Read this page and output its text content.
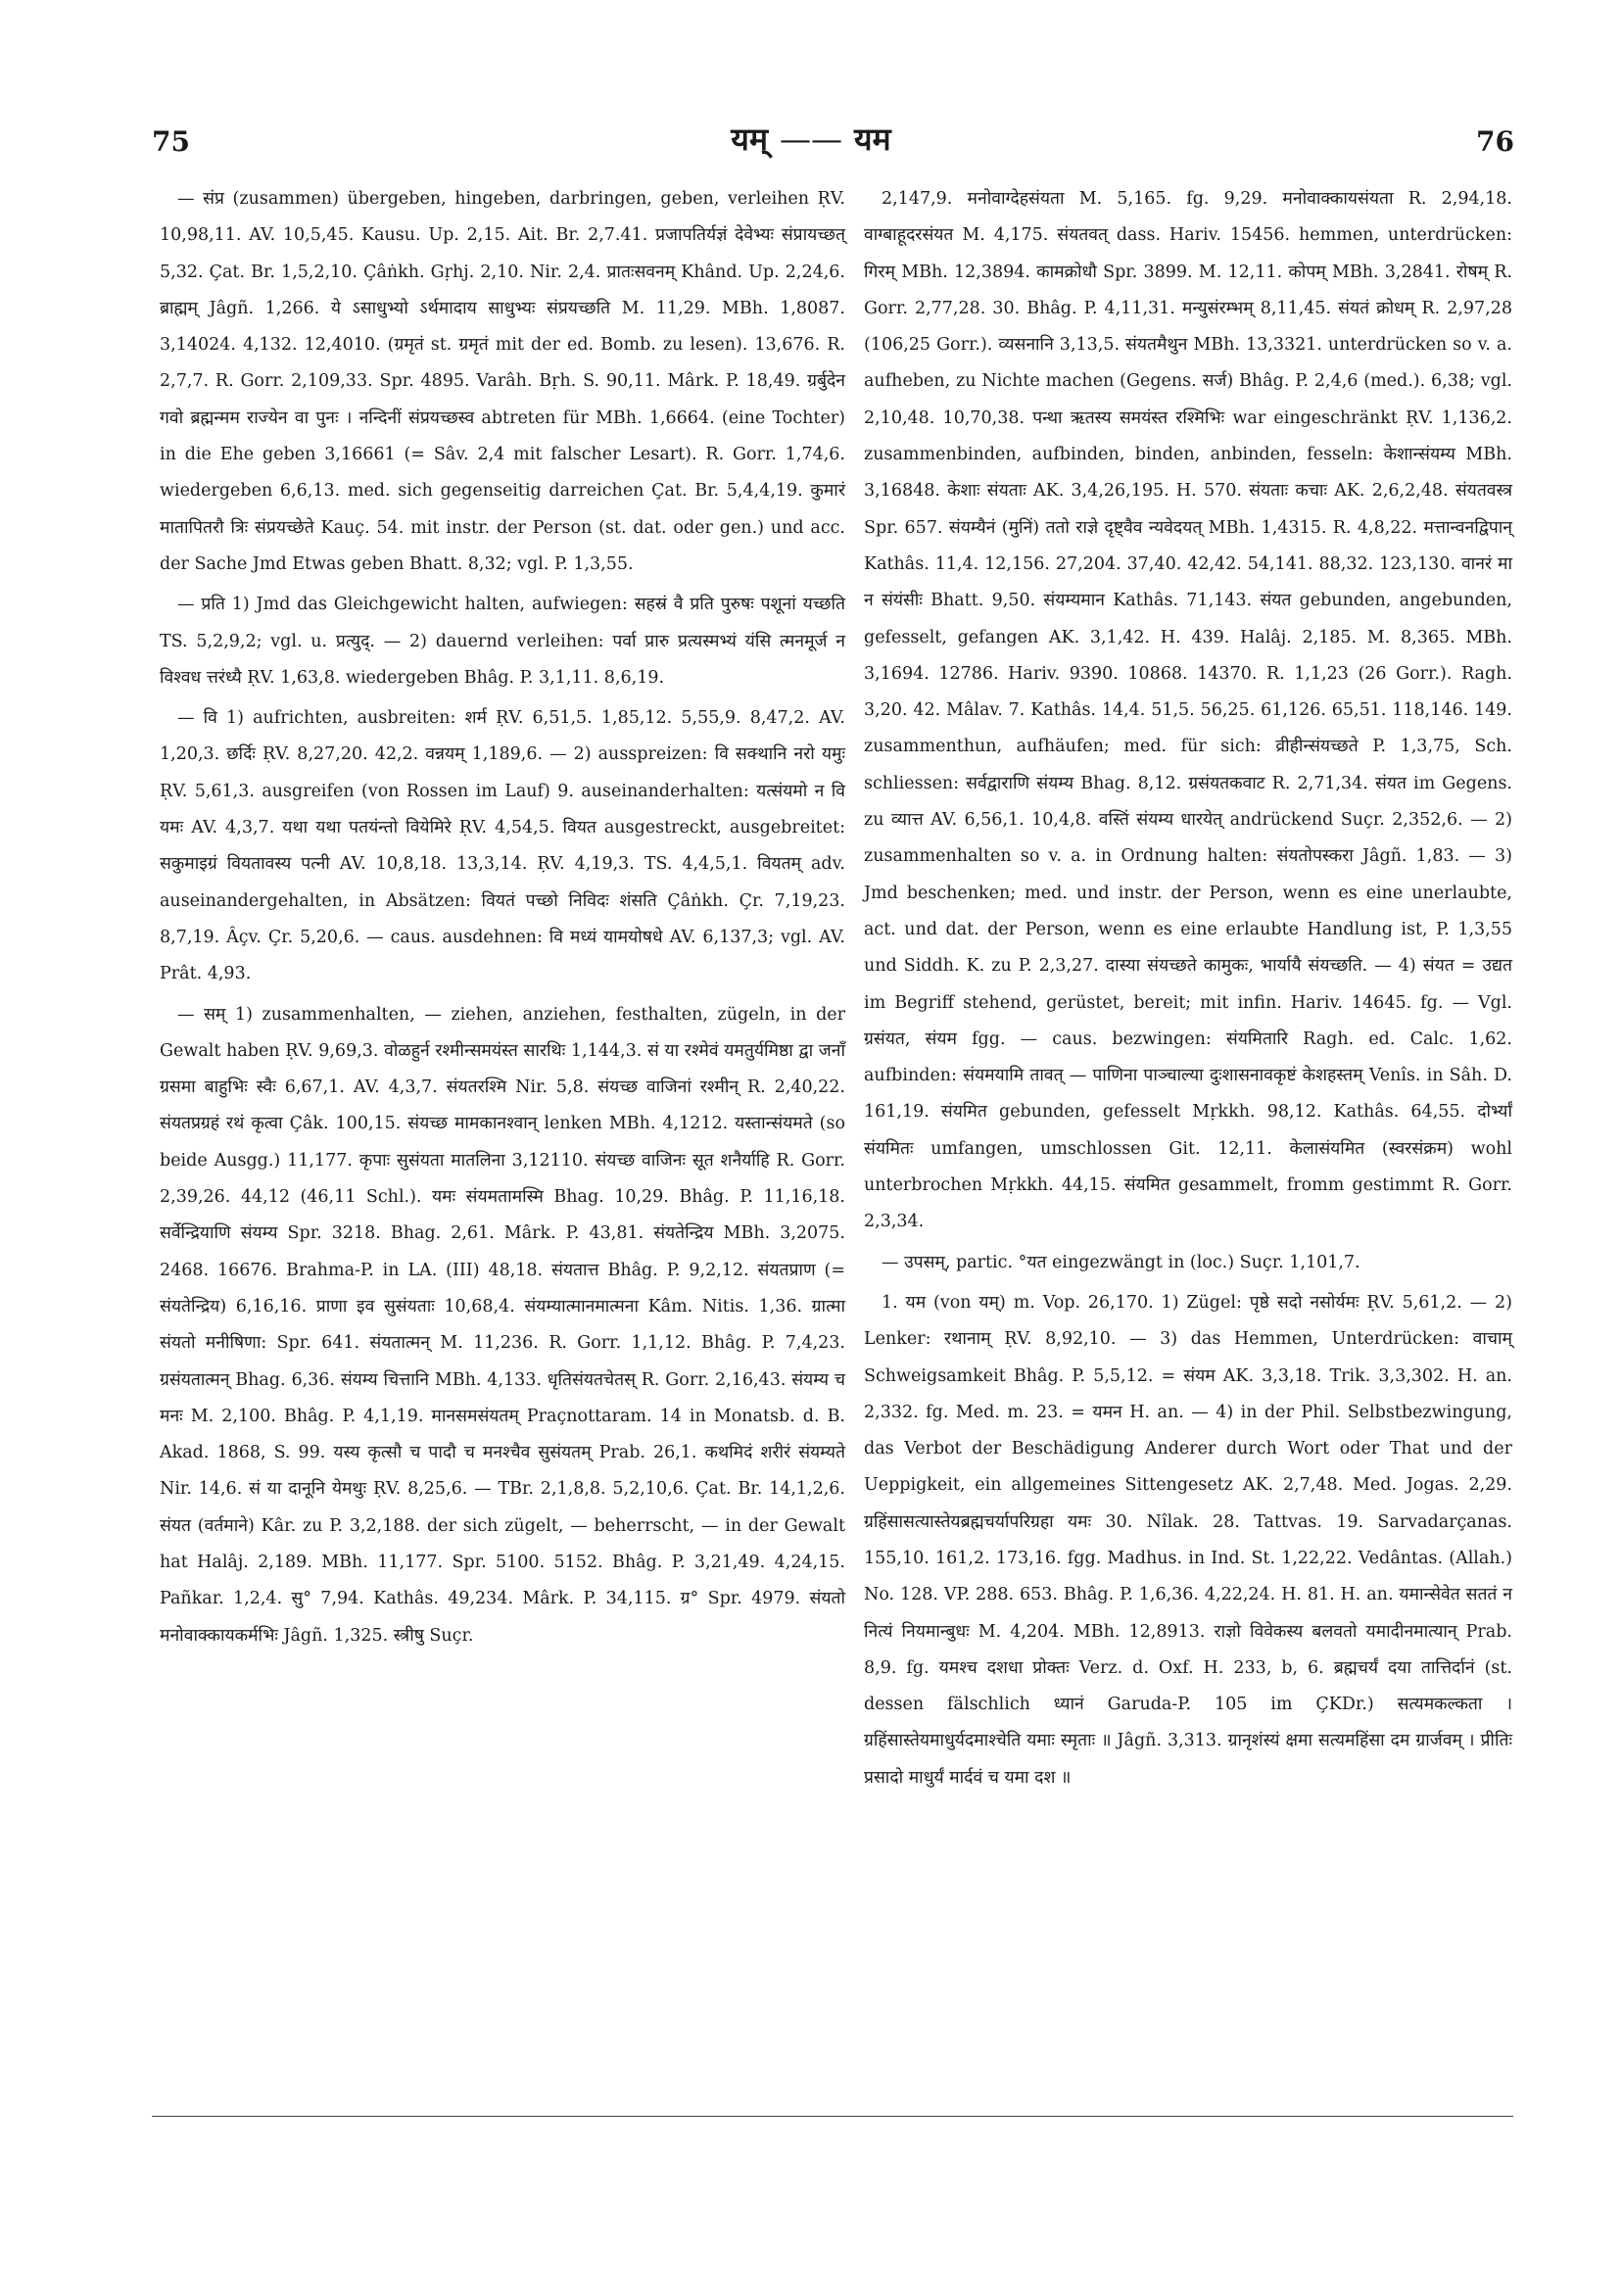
75	यम् —— यम	76

— संप्र (zusammen) übergeben, hingeben, darbringen, geben, verleihen ṚV. 10,98,11. AV. 10,5,45. Kausu. Up. 2,15. Ait. Br. 2,7.41. प्रजापतिर्यज्ञं देवेभ्यः संप्रायच्छत् 5,32. Çat. Br. 1,5,2,10. Çâṅkh. Gṛhj. 2,10. Nir. 2,4. प्रातःसवनम् Khând. Up. 2,24,6. ब्राह्मम् Jâgñ. 1,266. ये ऽसाधुभ्यो ऽर्थमादाय साधुभ्यः संप्रयच्छति M. 11,29. MBh. 1,8087. 3,14024. 4,132. 12,4010. (ग्रमृतं st. ग्रमृतं mit der ed. Bomb. zu lesen). 13,676. R. 2,7,7. R. Gorr. 2,109,33. Spr. 4895. Varâh. Bṛh. S. 90,11. Mârk. P. 18,49. ग्रर्बुदेन गवो ब्रह्मन्मम राज्येन वा पुनः । नन्दिनीं संप्रयच्छस्व abtreten für MBh. 1,6664. (eine Tochter) in die Ehe geben 3,16661 (= Sâv. 2,4 mit falscher Lesart). R. Gorr. 1,74,6. wiedergeben 6,6,13. med. sich gegenseitig darreichen Çat. Br. 5,4,4,19. कुमारं मातापितरौ त्रिः संप्रयच्छेते Kauç. 54. mit instr. der Person (st. dat. oder gen.) und acc. der Sache Jmd Etwas geben Bhatt. 8,32; vgl. P. 1,3,55.

— प्रति 1) Jmd das Gleichgewicht halten, aufwiegen: सहस्रं वै प्रति पुरुषः पशूनां यच्छति TS. 5,2,9,2; vgl. u. प्रत्युद्. — 2) dauernd verleihen: पर्वा प्रारु प्रत्यस्मभ्यं यंसि त्मनमूर्ज न विश्वध त्तरंध्यै ṚV. 1,63,8. wiedergeben Bhâg. P. 3,1,11. 8,6,19.

— वि 1) aufrichten, ausbreiten: शर्म ṚV. 6,51,5. 1,85,12. 5,55,9. 8,47,2. AV. 1,20,3. छर्दिः ṚV. 8,27,20. 42,2. वन्नयम् 1,189,6. — 2) ausspreizen: वि सक्थानि नरो यमुः ṚV. 5,61,3. ausgreifen (von Rossen im Lauf) 9. auseinanderhalten: यत्संयमो न वि यमः AV. 4,3,7. यथा यथा पतयंन्तो वियेमिरे ṚV. 4,54,5. वियत ausgestreckt, ausgebreitet: सकुमाइग्रं वियतावस्य पत्नी AV. 10,8,18. 13,3,14. ṚV. 4,19,3. TS. 4,4,5,1. वियतम् adv. auseinandergehalten, in Absätzen: वियतं पच्छो निविदः शंसति Çâṅkh. Çr. 7,19,23. 8,7,19. Âçv. Çr. 5,20,6. — caus. ausdehnen: वि मध्यं यामयोषधे AV. 6,137,3; vgl. AV. Prât. 4,93.

— सम् 1) zusammenhalten, — ziehen, anziehen, festhalten, zügeln, in der Gewalt haben ṚV. 9,69,3. वोळहुर्न रश्मीन्समयंस्त सारथिः 1,144,3. सं या रश्मेवं यमतुर्यमिष्ठा द्वा जनाँ ग्रसमा बाहुभिः स्वैः 6,67,1. AV. 4,3,7. संयतरश्मि Nir. 5,8. संयच्छ वाजिनां रश्मीन् R. 2,40,22. संयतप्रग्रहं रथं कृत्वा Çâk. 100,15. संयच्छ मामकानश्वान् lenken MBh. 4,1212. यस्तान्संयमते (so beide Ausgg.) 11,177. कृपाः सुसंयता मातलिना 3,12110. संयच्छ वाजिनः सूत शनैर्याहि R. Gorr. 2,39,26. 44,12 (46,11 Schl.). यमः संयमतामस्मि Bhag. 10,29. Bhâg. P. 11,16,18. सर्वेन्द्रियाणि संयम्य Spr. 3218. Bhag. 2,61. Mârk. P. 43,81. संयतेन्द्रिय MBh. 3,2075. 2468. 16676. Brahma-P. in LA. (III) 48,18. संयतात्त Bhâg. P. 9,2,12. संयतप्राण (= संयतेन्द्रिय) 6,16,16. प्राणा इव सुसंयताः 10,68,4. संयम्यात्मानमात्मना Kâm. Nitis. 1,36. ग्रात्मा संयतो मनीषिणा: Spr. 641. संयतात्मन् M. 11,236. R. Gorr. 1,1,12. Bhâg. P. 7,4,23. ग्रसंयतात्मन् Bhag. 6,36. संयम्य चित्तानि MBh. 4,133. धृतिसंयतचेतस् R. Gorr. 2,16,43. संयम्य च मनः M. 2,100. Bhâg. P. 4,1,19. मानसमसंयतम् Praçnottaram. 14 in Monatsb. d. B. Akad. 1868, S. 99. यस्य कृत्सौ च पादौ च मनश्चैव सुसंयतम् Prab. 26,1. कथमिदं शरीरं संयम्यते Nir. 14,6. सं या दानूनि येमथुः ṚV. 8,25,6. — TBr. 2,1,8,8. 5,2,10,6. Çat. Br. 14,1,2,6. संयत (वर्तमाने) Kâr. zu P. 3,2,188. der sich zügelt, — beherrscht, — in der Gewalt hat Halâj. 2,189. MBh. 11,177. Spr. 5100. 5152. Bhâg. P. 3,21,49. 4,24,15. Pañkar. 1,2,4. सु° 7,94. Kathâs. 49,234. Mârk. P. 34,115. ग्र° Spr. 4979. संयतो मनोवाक्कायकर्मभिः Jâgñ. 1,325. स्त्रीषु Suçr.

2,147,9. मनोवाग्देहसंयता M. 5,165. fg. 9,29. मनोवाक्कायसंयता R. 2,94,18. वाग्बाहूदरसंयत M. 4,175. संयतवत् dass. Hariv. 15456. hemmen, unterdrücken: गिरम् MBh. 12,3894. कामक्रोधौ Spr. 3899. M. 12,11. कोपम् MBh. 3,2841. रोषम् R. Gorr. 2,77,28. 30. Bhâg. P. 4,11,31. मन्युसंरम्भम् 8,11,45. संयतं क्रोधम् R. 2,97,28 (106,25 Gorr.). व्यसनानि 3,13,5. संयतमैथुन MBh. 13,3321. unterdrücken so v. a. aufheben, zu Nichte machen (Gegens. सर्ज) Bhâg. P. 2,4,6 (med.). 6,38; vgl. 2,10,48. 10,70,38. पन्था ऋतस्य समयंस्त रश्मिभिः war eingeschränkt ṚV. 1,136,2. zusammenbinden, aufbinden, binden, anbinden, fesseln: केशान्संयम्य MBh. 3,16848. केशाः संयताः AK. 3,4,26,195. H. 570. संयताः कचाः AK. 2,6,2,48. संयतवस्त्र Spr. 657. संयम्यैनं (मुनिं) ततो राज्ञे दृष्ट्वैव न्यवेदयत् MBh. 1,4315. R. 4,8,22. मत्तान्वनद्विपान् Kathâs. 11,4. 12,156. 27,204. 37,40. 42,42. 54,141. 88,32. 123,130. वानरं मा न संयंसीः Bhatt. 9,50. संयम्यमान Kathâs. 71,143. संयत gebunden, angebunden, gefesselt, gefangen AK. 3,1,42. H. 439. Halâj. 2,185. M. 8,365. MBh. 3,1694. 12786. Hariv. 9390. 10868. 14370. R. 1,1,23 (26 Gorr.). Ragh. 3,20. 42. Mâlav. 7. Kathâs. 14,4. 51,5. 56,25. 61,126. 65,51. 118,146. 149. zusammenthun, aufhäufen; med. für sich: व्रीहीन्संयच्छते P. 1,3,75, Sch. schliessen: सर्वद्वाराणि संयम्य Bhag. 8,12. ग्रसंयतकवाट R. 2,71,34. संयत im Gegens. zu व्यात्त AV. 6,56,1. 10,4,8. वस्तिं संयम्य धारयेत् andrückend Suçr. 2,352,6. — 2) zusammenhalten so v. a. in Ordnung halten: संयतोपस्करा Jâgñ. 1,83. — 3) Jmd beschenken; med. und instr. der Person, wenn es eine unerlaubte, act. und dat. der Person, wenn es eine erlaubte Handlung ist, P. 1,3,55 und Siddh. K. zu P. 2,3,27. दास्या संयच्छते कामुकः, भार्यायै संयच्छति. — 4) संयत = उद्यत im Begriff stehend, gerüstet, bereit; mit infin. Hariv. 14645. fg. — Vgl. ग्रसंयत, संयम fgg. — caus. bezwingen: संयमितारि Ragh. ed. Calc. 1,62. aufbinden: संयमयामि तावत् — पाणिना पाञ्चाल्या दुःशासनावकृष्टं केशहस्तम् Venîs. in Sâh. D. 161,19. संयमित gebunden, gefesselt Mṛkkh. 98,12. Kathâs. 64,55. दोर्भ्यां संयमितः umfangen, umschlossen Git. 12,11. केलासंयमित (स्वरसंक्रम) wohl unterbrochen Mṛkkh. 44,15. संयमित gesammelt, fromm gestimmt R. Gorr. 2,3,34.

— उपसम्, partic. °यत eingezwängt in (loc.) Suçr. 1,101,7.

1. यम (von यम्) m. Vop. 26,170. 1) Zügel: पृष्ठे सदो नसोर्यमः ṚV. 5,61,2. — 2) Lenker: रथानाम् ṚV. 8,92,10. — 3) das Hemmen, Unterdrücken: वाचाम् Schweigsamkeit Bhâg. P. 5,5,12. = संयम AK. 3,3,18. Trik. 3,3,302. H. an. 2,332. fg. Med. m. 23. = यमन H. an. — 4) in der Phil. Selbstbezwingung, das Verbot der Beschädigung Anderer durch Wort oder That und der Ueppigkeit, ein allgemeines Sittengesetz AK. 2,7,48. Med. Jogas. 2,29. ग्रहिंसासत्यास्तेयब्रह्मचर्यापरिग्रहा यमः 30. Nîlak. 28. Tattvas. 19. Sarvadarçanas. 155,10. 161,2. 173,16. fgg. Madhus. in Ind. St. 1,22,22. Vedântas. (Allah.) No. 128. VP. 288. 653. Bhâg. P. 1,6,36. 4,22,24. H. 81. H. an. यमान्सेवेत सततं न नित्यं नियमान्बुधः M. 4,204. MBh. 12,8913. राज्ञो विवेकस्य बलवतो यमादीनमात्यान् Prab. 8,9. fg. यमश्च दशधा प्रोक्तः Verz. d. Oxf. H. 233, b, 6. ब्रह्मचर्यं दया तात्तिर्दानं (st. dessen fälschlich ध्यानं Garuda-P. 105 im ÇKDr.) सत्यमकल्कता । ग्रहिंसास्तेयमाधुर्यदमाश्चेति यमाः स्मृताः ॥ Jâgñ. 3,313. ग्रानृशंस्यं क्षमा सत्यमहिंसा दम ग्रार्जवम् । प्रीतिः प्रसादो माधुर्यं मार्दवं च यमा दश ॥
